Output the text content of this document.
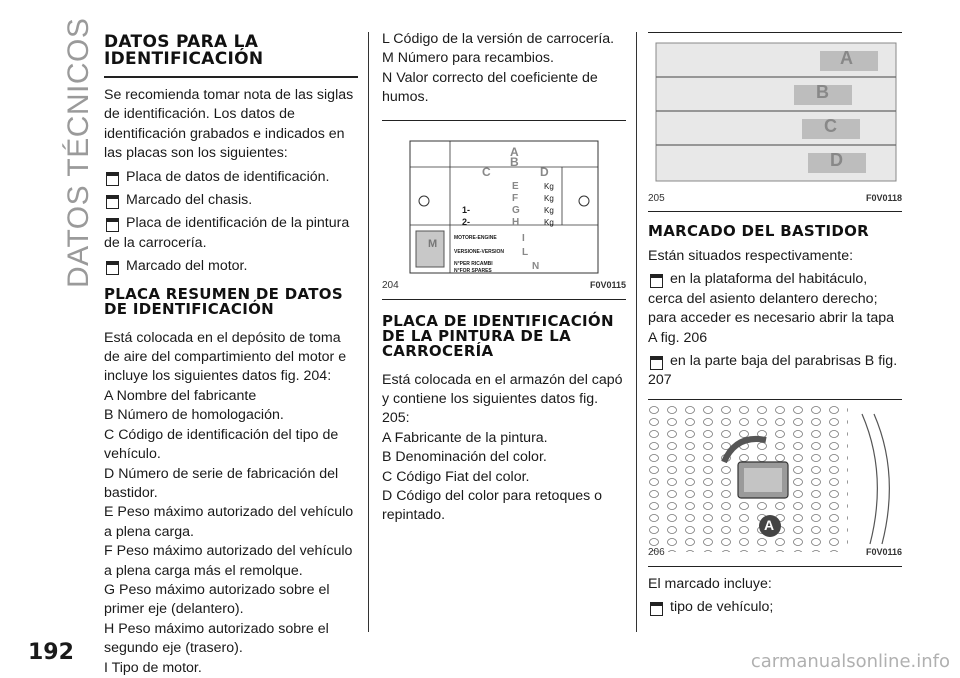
DATOS TÉCNICOS DATOS PARA LA IDENTIFICACIÓN

Se recomienda tomar nota de las siglas de identificación. Los datos de identificación grabados e indicados en las placas son los siguientes:

Placa de datos de identificación.

Marcado del chasis.

Placa de identificación de la pintura de la carrocería.

Marcado del motor.

PLACA RESUMEN DE DATOS DE IDENTIFICACIÓN

Está colocada en el depósito de toma de aire del compartimiento del motor e incluye los siguientes datos fig. 204:

A Nombre del fabricante

B Número de homologación.

C Código de identificación del tipo de vehículo.

D Número de serie de fabricación del bastidor.

E Peso máximo autorizado del vehículo a plena carga.

F Peso máximo autorizado del vehículo a plena carga más el remolque.

G Peso máximo autorizado sobre el primer eje (delantero).

H Peso máximo autorizado sobre el segundo eje (trasero).

I Tipo de motor.

L Código de la versión de carrocería.

M Número para recambios.

N Valor correcto del coeficiente de humos.

A
B
C	D
E
F
G
H
I
L
M
N
Kg
Kg
Kg
Kg
1-
2-
MOTORE-ENGINE
VERSIONE-VERSION
N°PER RICAMBI
N°FOR SPARES
204	F0V0115
PLACA DE IDENTIFICACIÓN DE LA PINTURA DE LA CARROCERÍA

Está colocada en el armazón del capó y contiene los siguientes datos fig. 205:

A Fabricante de la pintura.

B Denominación del color.

C Código Fiat del color.

D Código del color para retoques o repintado.

A
B
C
D
205	F0V0118
MARCADO DEL BASTIDOR

Están situados respectivamente:

en la plataforma del habitáculo, cerca del asiento delantero derecho; para acceder es necesario abrir la tapa A fig. 206

en la parte baja del parabrisas B fig. 207

A
206	F0V0116

El marcado incluye:

tipo de vehículo;

192	carmanualsonline.info
